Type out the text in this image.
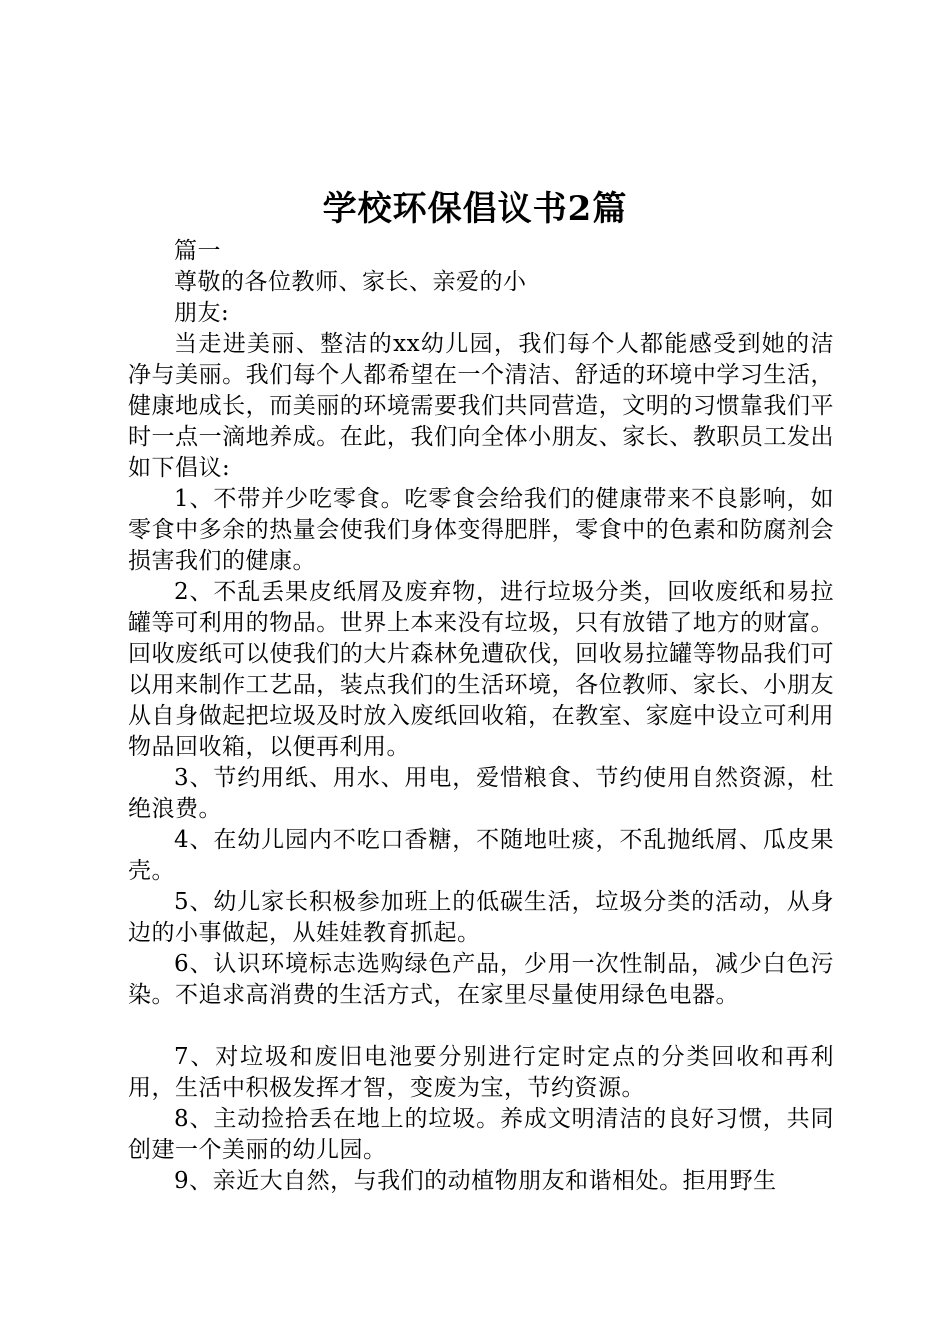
学校环保倡议书2篇

篇一

尊敬的各位教师、家长、亲爱的小

朋友:

当走进美丽、整洁的xx幼儿园，我们每个人都能感受到她的洁净与美丽。我们每个人都希望在一个清洁、舒适的环境中学习生活，健康地成长，而美丽的环境需要我们共同营造，文明的习惯靠我们平时一点一滴地养成。在此，我们向全体小朋友、家长、教职员工发出如下倡议:

1、不带并少吃零食。吃零食会给我们的健康带来不良影响，如零食中多余的热量会使我们身体变得肥胖，零食中的色素和防腐剂会损害我们的健康。

2、不乱丢果皮纸屑及废弃物，进行垃圾分类，回收废纸和易拉罐等可利用的物品。世界上本来没有垃圾，只有放错了地方的财富。回收废纸可以使我们的大片森林免遭砍伐，回收易拉罐等物品我们可以用来制作工艺品，装点我们的生活环境，各位教师、家长、小朋友从自身做起把垃圾及时放入废纸回收箱，在教室、家庭中设立可利用物品回收箱，以便再利用。

3、节约用纸、用水、用电，爱惜粮食、节约使用自然资源，杜绝浪费。

4、在幼儿园内不吃口香糖，不随地吐痰，不乱抛纸屑、瓜皮果壳。

5、幼儿家长积极参加班上的低碳生活，垃圾分类的活动，从身边的小事做起，从娃娃教育抓起。

6、认识环境标志选购绿色产品，少用一次性制品，减少白色污染。不追求高消费的生活方式，在家里尽量使用绿色电器。

7、对垃圾和废旧电池要分别进行定时定点的分类回收和再利用，生活中积极发挥才智，变废为宝，节约资源。

8、主动捡拾丢在地上的垃圾。养成文明清洁的良好习惯，共同创建一个美丽的幼儿园。

9、亲近大自然，与我们的动植物朋友和谐相处。拒用野生
